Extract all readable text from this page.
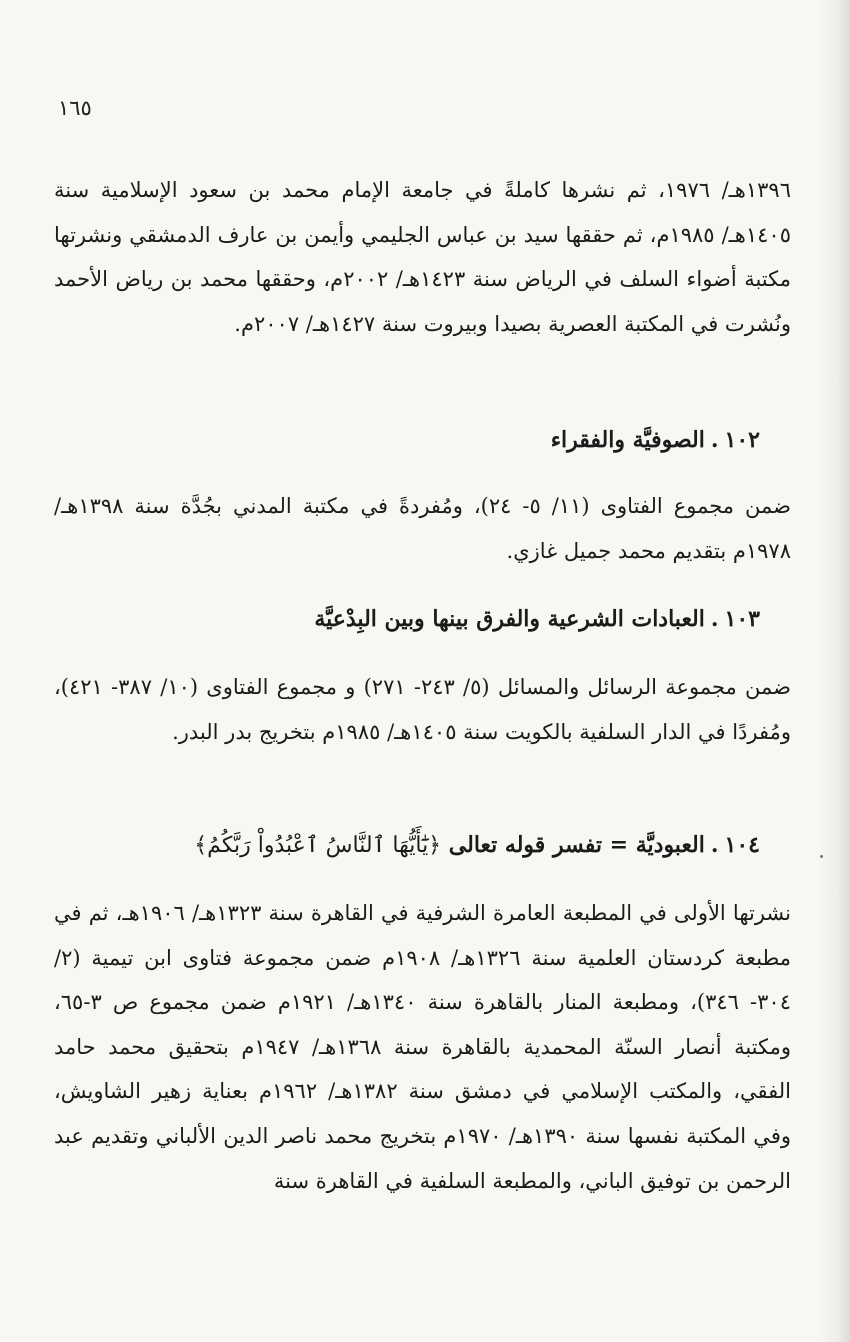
١٦٥

١٣٩٦هـ/ ١٩٧٦، ثم نشرها كاملةً في جامعة الإمام محمد بن سعود الإسلامية سنة ١٤٠٥هـ/ ١٩٨٥م، ثم حققها سيد بن عباس الجليمي وأيمن بن عارف الدمشقي ونشرتها مكتبة أضواء السلف في الرياض سنة ١٤٢٣هـ/ ٢٠٠٢م، وحققها محمد بن رياض الأحمد ونُشرت في المكتبة العصرية بصيدا وبيروت سنة ١٤٢٧هـ/ ٢٠٠٧م.

١٠٢.الصوفيَّة والفقراء

ضمن مجموع الفتاوى (١١/ ٥- ٢٤)، ومُفردةً في مكتبة المدني بجُدَّة سنة ١٣٩٨هـ/ ١٩٧٨م بتقديم محمد جميل غازي.

١٠٣.العبادات الشرعية والفرق بينها وبين البِدْعيَّة

ضمن مجموعة الرسائل والمسائل (٥/ ٢٤٣- ٢٧١) و مجموع الفتاوى (١٠/ ٣٨٧- ٤٢١)، ومُفردًا في الدار السلفية بالكويت سنة ١٤٠٥هـ/ ١٩٨٥م بتخريج بدر البدر.

١٠٤.العبوديَّة = تفسر قوله تعالى ﴿يَٰٓأَيُّهَا ٱلنَّاسُ ٱعْبُدُواْ رَبَّكُمُ﴾

نشرتها الأولى في المطبعة العامرة الشرفية في القاهرة سنة ١٣٢٣هـ/ ١٩٠٦هـ، ثم في مطبعة كردستان العلمية سنة ١٣٢٦هـ/ ١٩٠٨م ضمن مجموعة فتاوى ابن تيمية (٢/ ٣٠٤- ٣٤٦)، ومطبعة المنار بالقاهرة سنة ١٣٤٠هـ/ ١٩٢١م ضمن مجموع ص ٣-٦٥، ومكتبة أنصار السنّة المحمدية بالقاهرة سنة ١٣٦٨هـ/ ١٩٤٧م بتحقيق محمد حامد الفقي، والمكتب الإسلامي في دمشق سنة ١٣٨٢هـ/ ١٩٦٢م بعناية زهير الشاويش، وفي المكتبة نفسها سنة ١٣٩٠هـ/ ١٩٧٠م بتخريج محمد ناصر الدين الألباني وتقديم عبد الرحمن بن توفيق الباني، والمطبعة السلفية في القاهرة سنة
